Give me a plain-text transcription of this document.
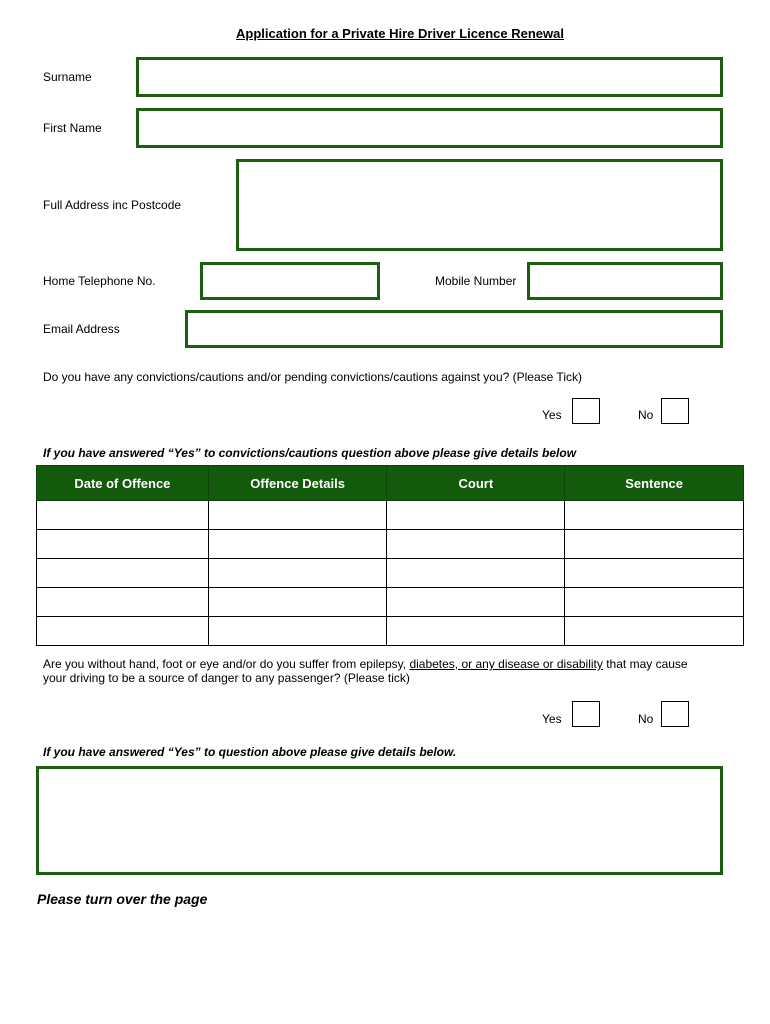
Application for a Private Hire Driver Licence Renewal
Surname
First Name
Full Address inc Postcode
Home Telephone No.	Mobile Number
Email Address
Do you have any convictions/cautions and/or pending convictions/cautions against you? (Please Tick)
Yes	No
If you have answered “Yes” to convictions/cautions question above please give details below
Date of Offence	Offence Details	Court	Sentence

Are you without hand, foot or eye and/or do you suffer from epilepsy, diabetes, or any disease or disability that may cause your driving to be a source of danger to any passenger? (Please tick)
Yes	No
If you have answered “Yes” to question above please give details below.
Please turn over the page
